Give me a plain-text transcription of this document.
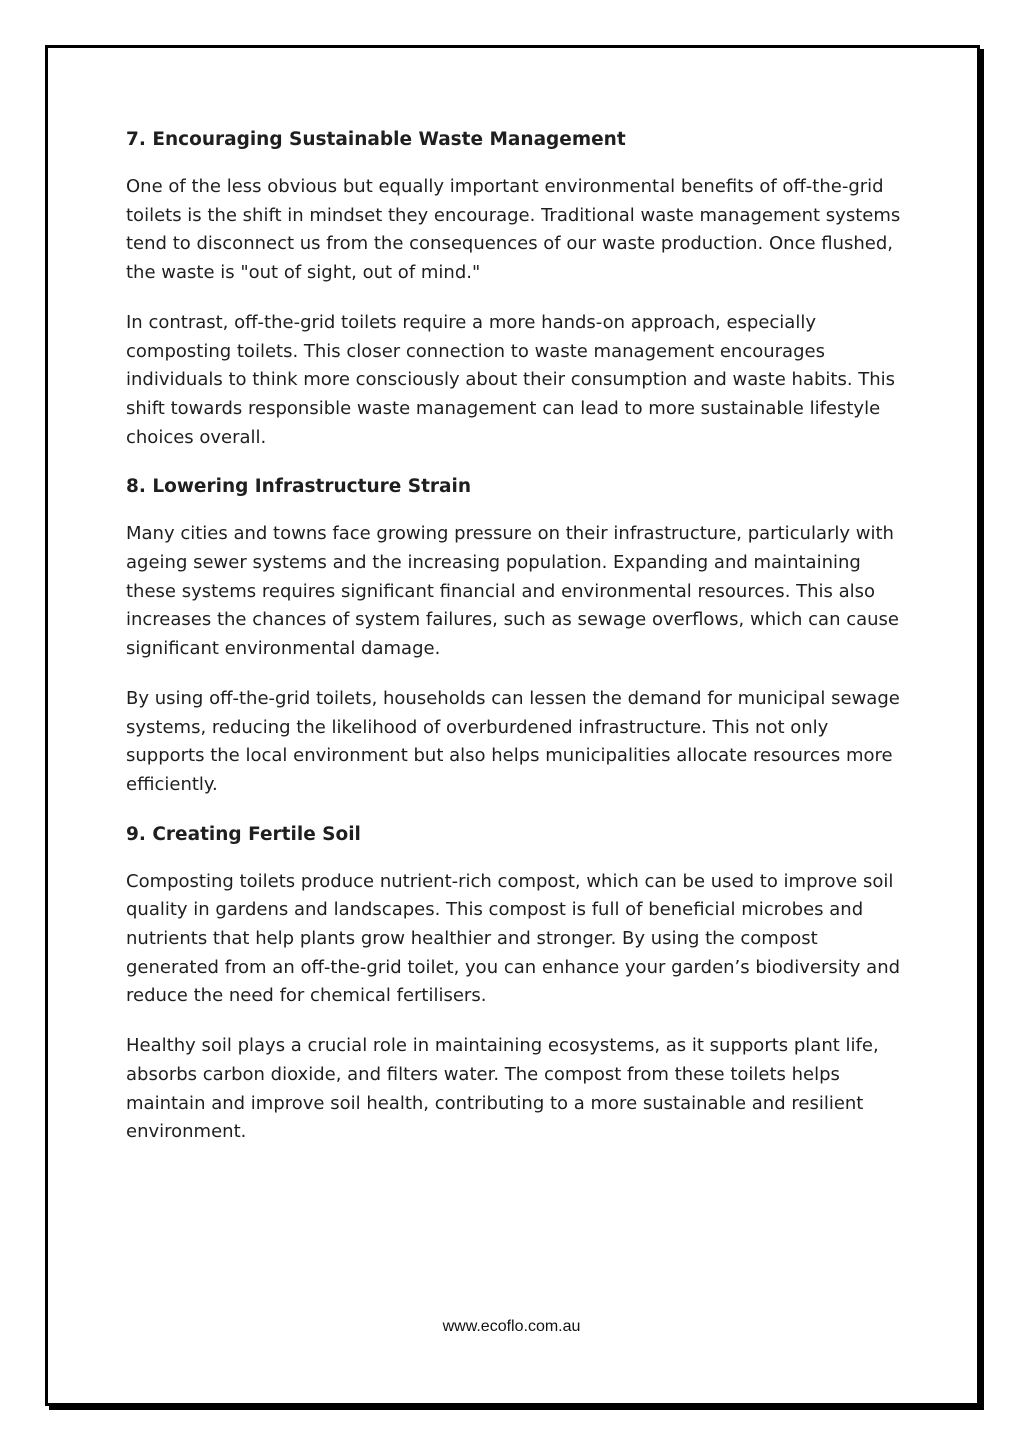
7. Encouraging Sustainable Waste Management

One of the less obvious but equally important environmental benefits of off-the-grid toilets is the shift in mindset they encourage. Traditional waste management systems tend to disconnect us from the consequences of our waste production. Once flushed, the waste is "out of sight, out of mind."

In contrast, off-the-grid toilets require a more hands-on approach, especially composting toilets. This closer connection to waste management encourages individuals to think more consciously about their consumption and waste habits. This shift towards responsible waste management can lead to more sustainable lifestyle choices overall.

8. Lowering Infrastructure Strain

Many cities and towns face growing pressure on their infrastructure, particularly with ageing sewer systems and the increasing population. Expanding and maintaining these systems requires significant financial and environmental resources. This also increases the chances of system failures, such as sewage overflows, which can cause significant environmental damage.

By using off-the-grid toilets, households can lessen the demand for municipal sewage systems, reducing the likelihood of overburdened infrastructure. This not only supports the local environment but also helps municipalities allocate resources more efficiently.

9. Creating Fertile Soil

Composting toilets produce nutrient-rich compost, which can be used to improve soil quality in gardens and landscapes. This compost is full of beneficial microbes and nutrients that help plants grow healthier and stronger. By using the compost generated from an off-the-grid toilet, you can enhance your garden’s biodiversity and reduce the need for chemical fertilisers.

Healthy soil plays a crucial role in maintaining ecosystems, as it supports plant life, absorbs carbon dioxide, and filters water. The compost from these toilets helps maintain and improve soil health, contributing to a more sustainable and resilient environment.

www.ecoflo.com.au
